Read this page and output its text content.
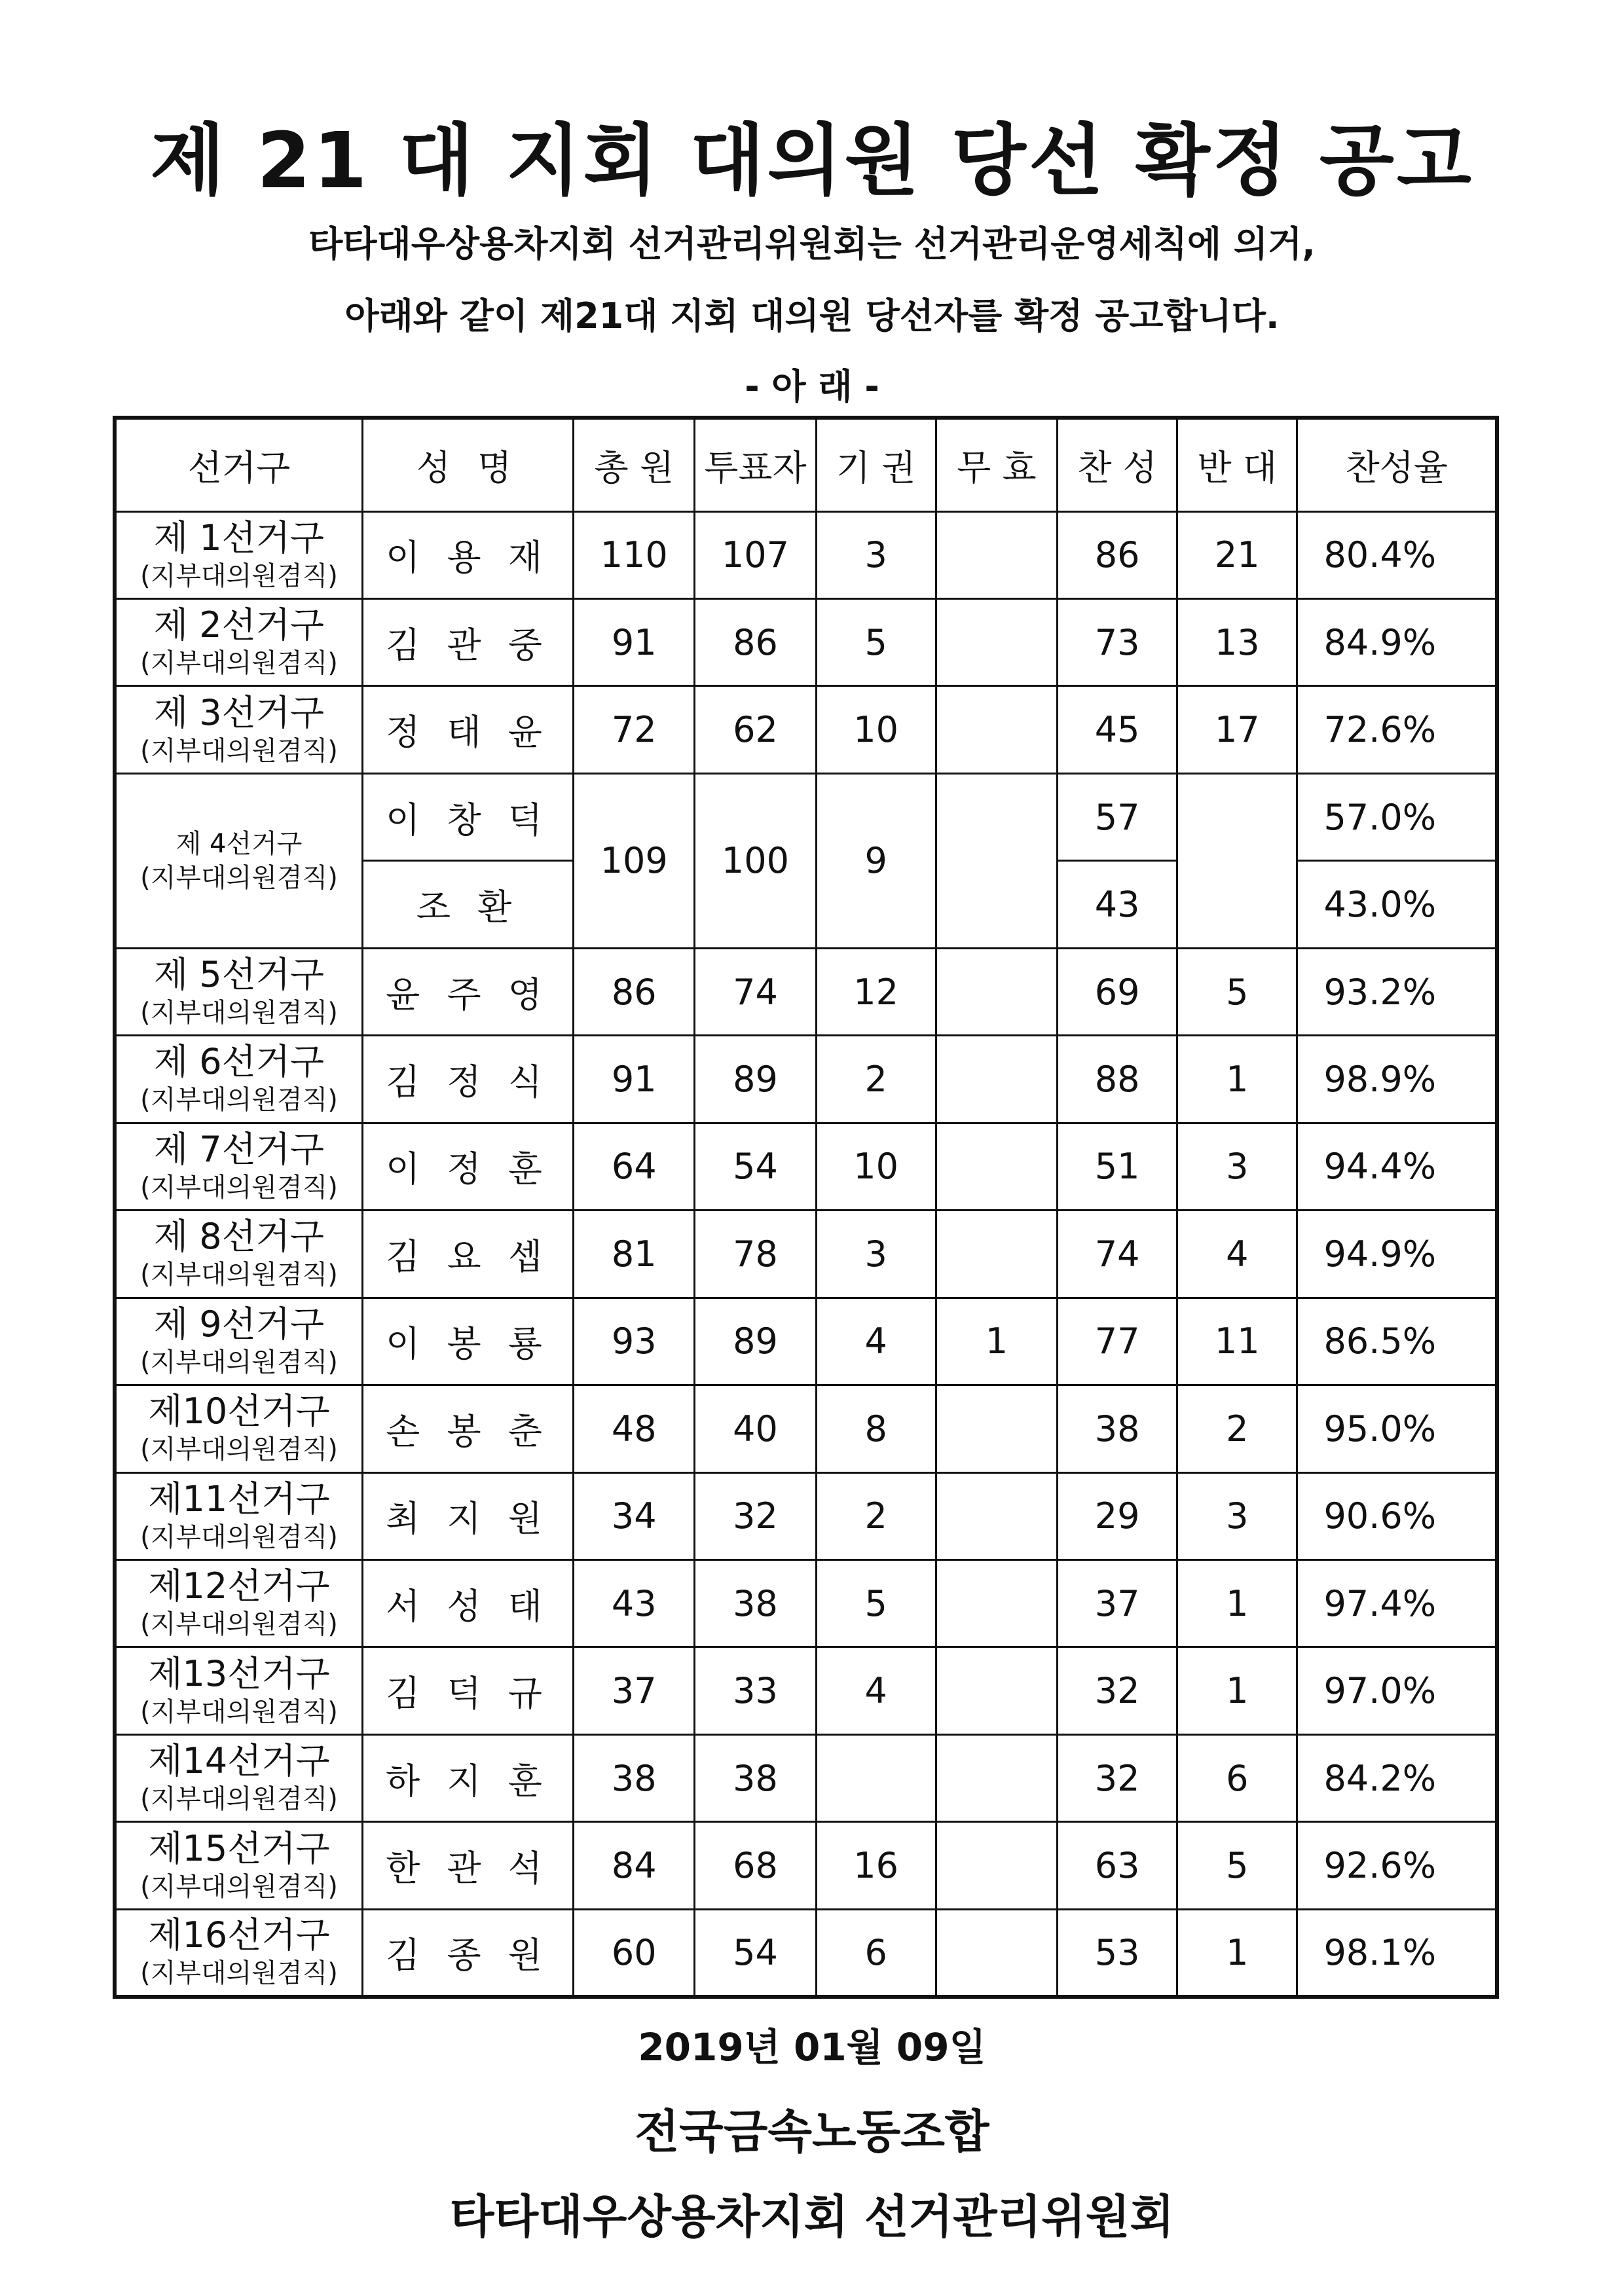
제 21 대 지회 대의원 당선 확정 공고
타타대우상용차지회 선거관리위원회는 선거관리운영세칙에 의거,
아래와 같이 제21대 지회 대의원 당선자를 확정 공고합니다.
- 아 래 -
선거구	성 명	총 원	투표자	기 권	무 효	찬 성	반 대	찬성율

제 1선거구
(지부대의원겸직)	이 용 재	110	107	3		86	21	80.4%

제 2선거구
(지부대의원겸직)	김 관 중	91	86	5		73	13	84.9%

제 3선거구
(지부대의원겸직)	정 태 윤	72	62	10		45	17	72.6%

제 4선거구
(지부대의원겸직)	이 창 덕	109	100	9		57		57.0%
	조 환					43		43.0%

제 5선거구
(지부대의원겸직)	윤 주 영	86	74	12		69	5	93.2%

제 6선거구
(지부대의원겸직)	김 정 식	91	89	2		88	1	98.9%

제 7선거구
(지부대의원겸직)	이 정 훈	64	54	10		51	3	94.4%

제 8선거구
(지부대의원겸직)	김 요 셉	81	78	3		74	4	94.9%

제 9선거구
(지부대의원겸직)	이 봉 룡	93	89	4	1	77	11	86.5%

제10선거구
(지부대의원겸직)	손 봉 춘	48	40	8		38	2	95.0%

제11선거구
(지부대의원겸직)	최 지 원	34	32	2		29	3	90.6%

제12선거구
(지부대의원겸직)	서 성 태	43	38	5		37	1	97.4%

제13선거구
(지부대의원겸직)	김 덕 규	37	33	4		32	1	97.0%

제14선거구
(지부대의원겸직)	하 지 훈	38	38			32	6	84.2%

제15선거구
(지부대의원겸직)	한 관 석	84	68	16		63	5	92.6%

제16선거구
(지부대의원겸직)	김 종 원	60	54	6		53	1	98.1%
2019년 01월 09일
전국금속노동조합
타타대우상용차지회 선거관리위원회
